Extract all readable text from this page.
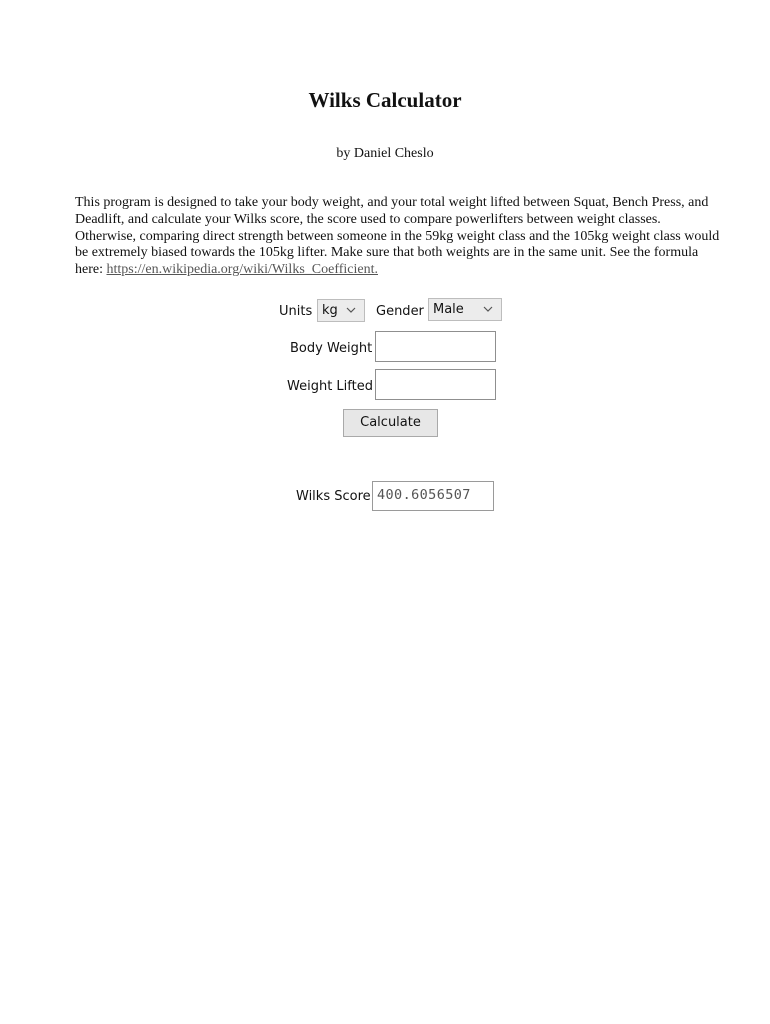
Wilks Calculator
by Daniel Cheslo

This program is designed to take your body weight, and your total weight lifted between Squat, Bench Press, and Deadlift, and calculate your Wilks score, the score used to compare powerlifters between weight classes. Otherwise, comparing direct strength between someone in the 59kg weight class and the 105kg weight class would be extremely biased towards the 105kg lifter. Make sure that both weights are in the same unit. See the formula here: https://en.wikipedia.org/wiki/Wilks_Coefficient.

Units kg	Gender Male
Body Weight
Weight Lifted
Calculate
Wilks Score 400.6056507
